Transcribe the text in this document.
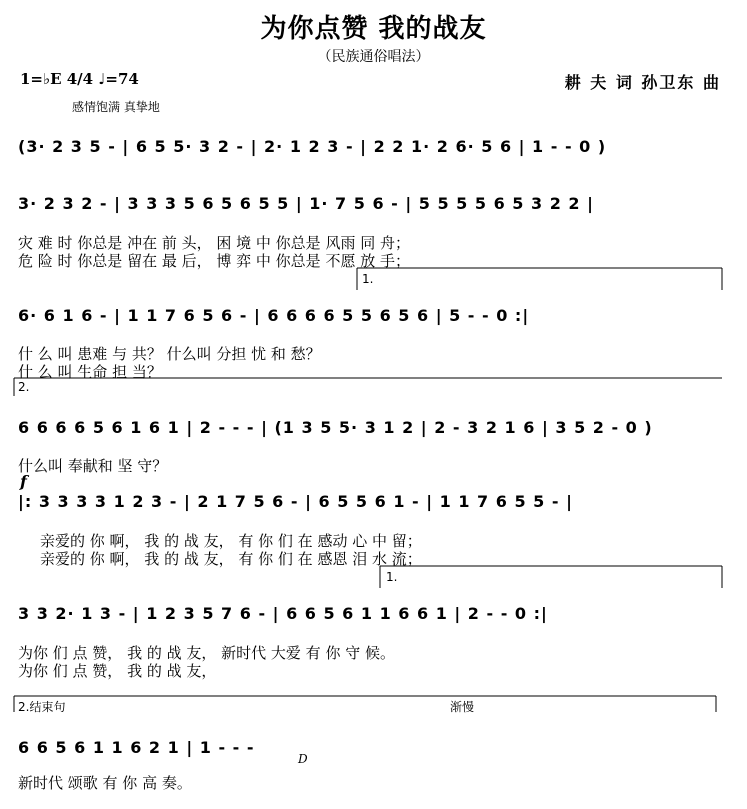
为你点赞 我的战友
（民族通俗唱法）
1=♭E 4/4 ♩=74	耕 夫 词 孙卫东 曲
感情饱满 真挚地
(3· 2 3 5 - | 6 5 5· 3 2 - | 2· 1 2 3 - | 2 2 1· 2 6· 5 6 | 1 - - 0 )
3· 2 3 2 - | 3 3 3 5 6 5 6 5 5 | 1· 7 5 6 - | 5 5 5 5 6 5 3 2 2 |
灾 难 时 你总是 冲在 前 头， 困 境 中 你总是 风雨 同 舟；
危 险 时 你总是 留在 最 后， 博 弈 中 你总是 不愿 放 手；
1.
6· 6 1 6 - | 1 1 7 6 5 6 - | 6 6 6 6 5 5 6 5 6 | 5 - - 0 :|
什 么 叫 患难 与 共？ 什么叫 分担 忧 和 愁？
什 么 叫 生命 担 当？
2.
6 6 6 6 5 6 1 6 1 | 2 - - - | (1 3 5 5· 3 1 2 | 2 - 3 2 1 6 | 3 5 2 - 0 )
什么叫 奉献和 坚 守？
f
|: 3 3 3 3 1 2 3 - | 2 1 7 5 6 - | 6 5 5 6 1 - | 1 1 7 6 5 5 - |
亲爱的 你 啊， 我 的 战 友， 有 你 们 在 感动 心 中 留；
亲爱的 你 啊， 我 的 战 友， 有 你 们 在 感恩 泪 水 流；
1.
3 3 2· 1 3 - | 1 2 3 5 7 6 - | 6 6 5 6 1 1 6 6 1 | 2 - - 0 :|
为你 们 点 赞， 我 的 战 友， 新时代 大爱 有 你 守 候。
为你 们 点 赞， 我 的 战 友，
2.结束句	渐慢
6 6 5 6 1 1 6 2 1 | 1 - - -
新时代 颂歌 有 你 高 奏。
D
